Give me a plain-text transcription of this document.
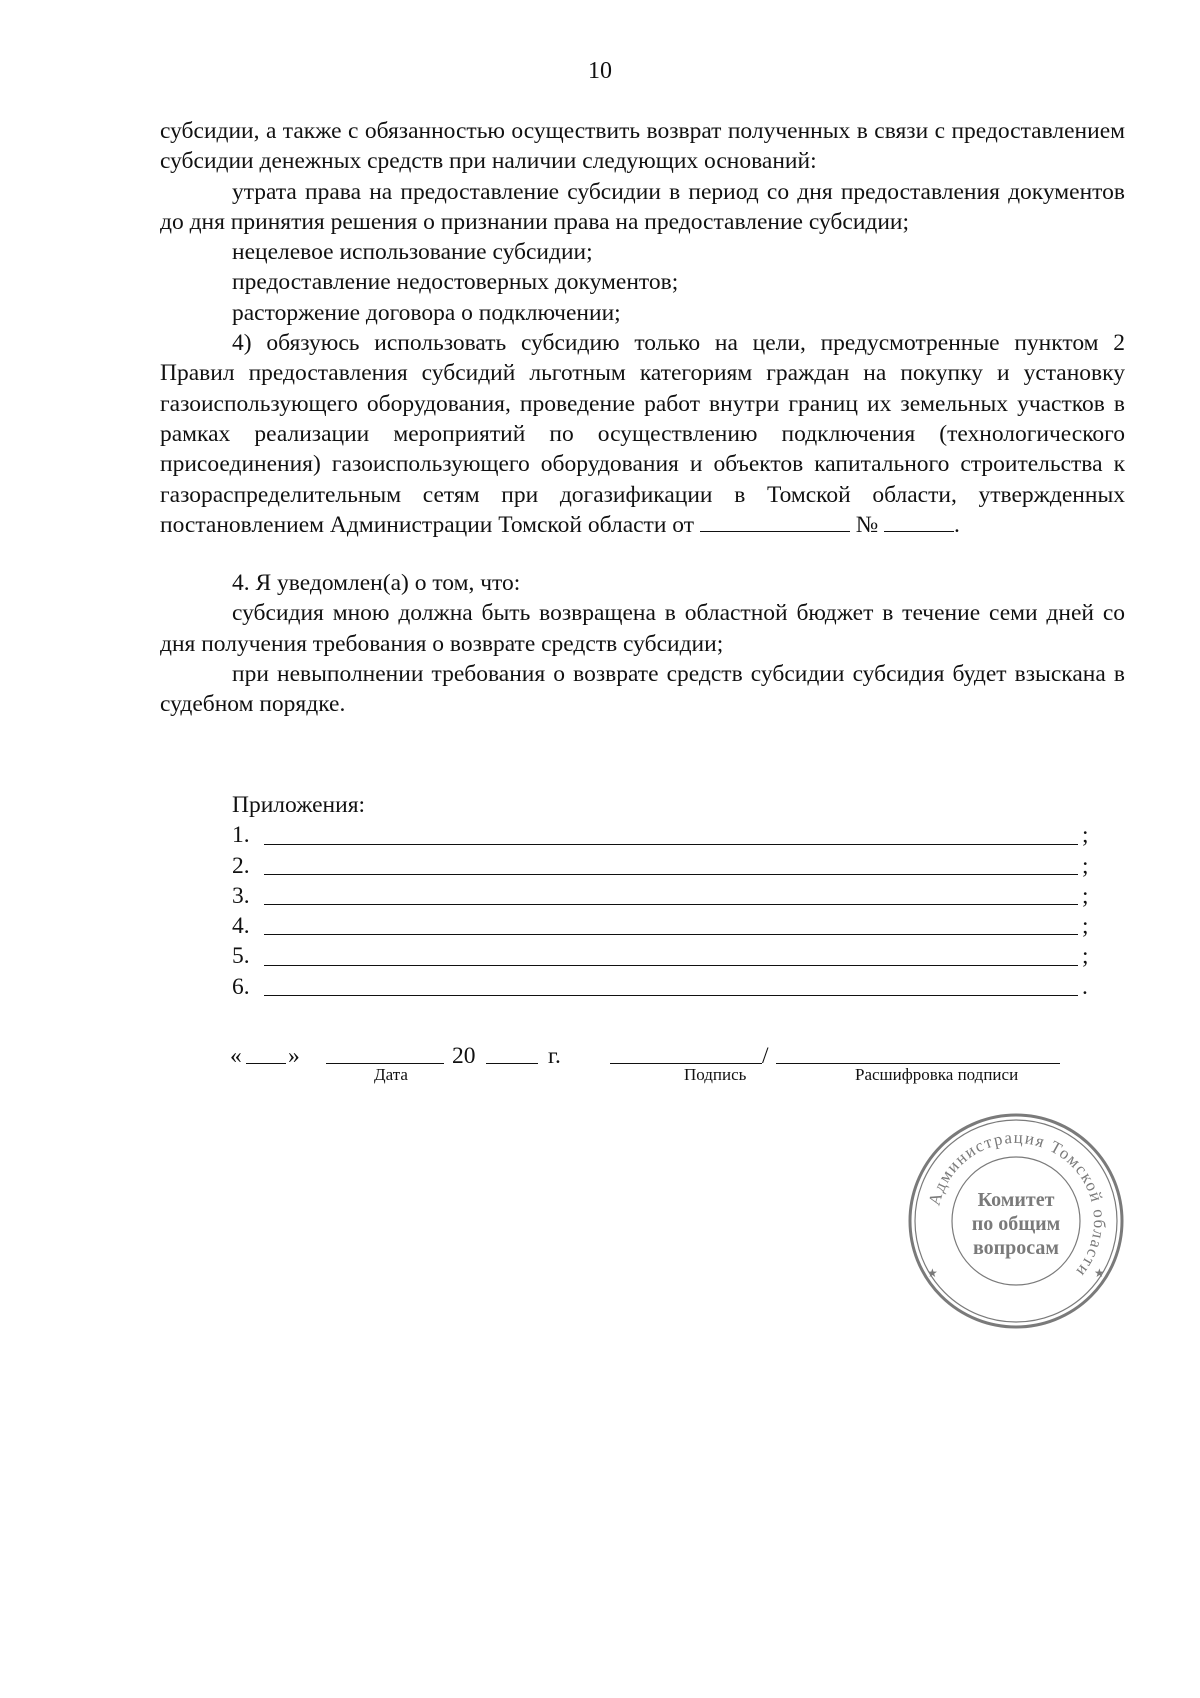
10

субсидии, а также с обязанностью осуществить возврат полученных в связи с предоставлением субсидии денежных средств при наличии следующих оснований:

утрата права на предоставление субсидии в период со дня предоставления документов до дня принятия решения о признании права на предоставление субсидии;

нецелевое использование субсидии;

предоставление недостоверных документов;

расторжение договора о подключении;

4) обязуюсь использовать субсидию только на цели, предусмотренные пунктом 2 Правил предоставления субсидий льготным категориям граждан на покупку и установку газоиспользующего оборудования, проведение работ внутри границ их земельных участков в рамках реализации мероприятий по осуществлению подключения (технологического присоединения) газоиспользующего оборудования и объектов капитального строительства к газораспределительным сетям при догазификации в Томской области, утвержденных постановлением Администрации Томской области от	№	.

4. Я уведомлен(а) о том, что:

субсидия мною должна быть возвращена в областной бюджет в течение семи дней со дня получения требования о возврате средств субсидии;

при невыполнении требования о возврате средств субсидии субсидия будет взыскана в судебном порядке.

Приложения:

1.	;
2.	;
3.	;
4.	;
5.	;
6.	.
« »	20	г.	/
Дата	Подпись	Расшифровка подписи
Администрация Томской области
Комитет
по общим
вопросам
★	★
